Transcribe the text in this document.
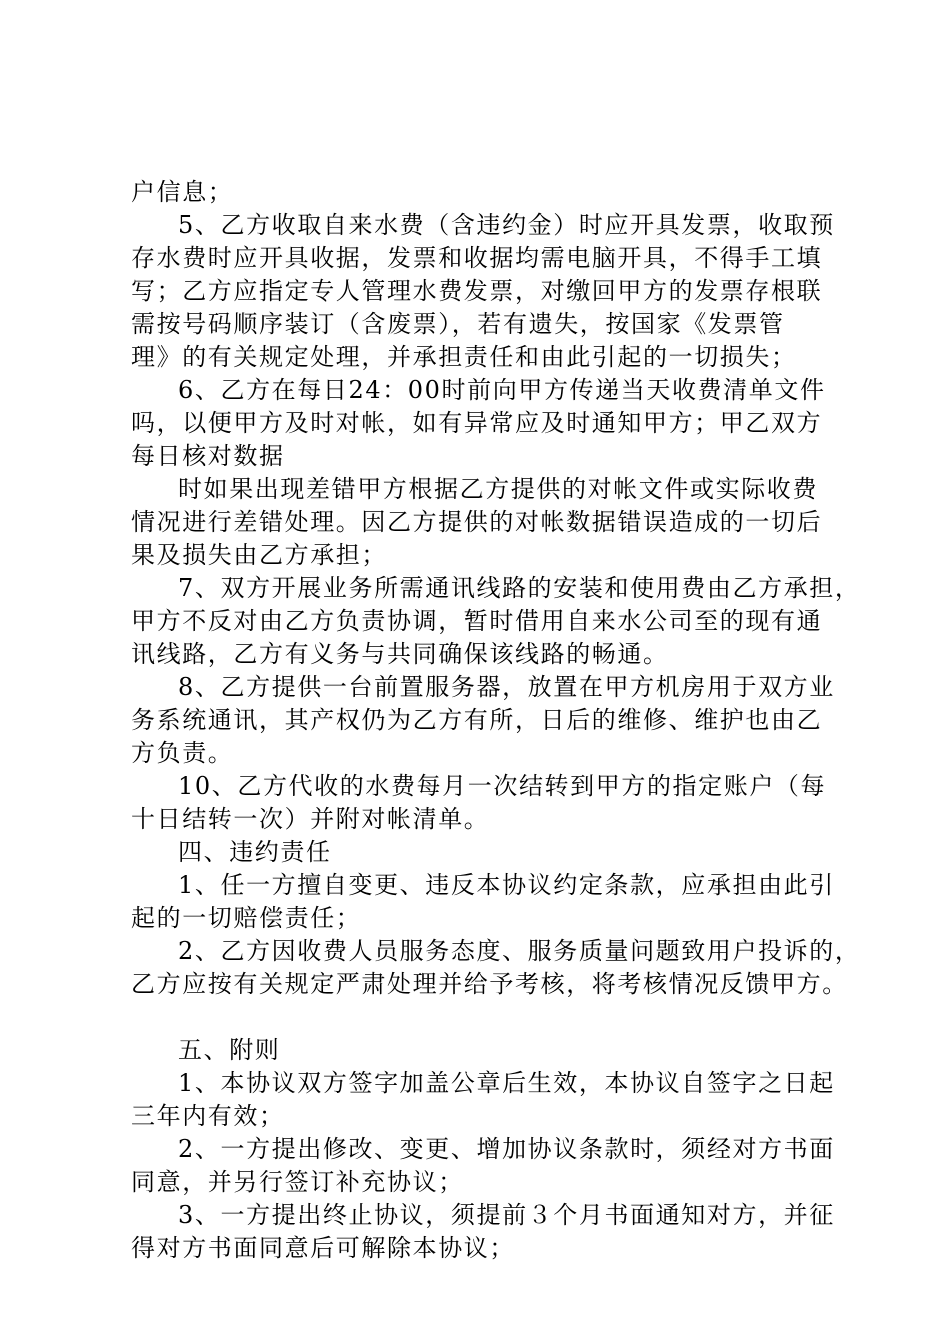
户信息；
5、乙方收取自来水费（含违约金）时应开具发票，收取预
存水费时应开具收据，发票和收据均需电脑开具，不得手工填
写；乙方应指定专人管理水费发票，对缴回甲方的发票存根联
需按号码顺序装订（含废票），若有遗失，按国家《发票管
理》的有关规定处理，并承担责任和由此引起的一切损失；
6、乙方在每日24：00时前向甲方传递当天收费清单文件
吗，以便甲方及时对帐，如有异常应及时通知甲方；甲乙双方
每日核对数据
时如果出现差错甲方根据乙方提供的对帐文件或实际收费
情况进行差错处理。因乙方提供的对帐数据错误造成的一切后
果及损失由乙方承担；
7、双方开展业务所需通讯线路的安装和使用费由乙方承担，
甲方不反对由乙方负责协调，暂时借用自来水公司至的现有通
讯线路，乙方有义务与共同确保该线路的畅通。
8、乙方提供一台前置服务器，放置在甲方机房用于双方业
务系统通讯，其产权仍为乙方有所，日后的维修、维护也由乙
方负责。
10、乙方代收的水费每月一次结转到甲方的指定账户（每
十日结转一次）并附对帐清单。
四、违约责任
1、任一方擅自变更、违反本协议约定条款，应承担由此引
起的一切赔偿责任；
2、乙方因收费人员服务态度、服务质量问题致用户投诉的，
乙方应按有关规定严肃处理并给予考核，将考核情况反馈甲方。
五、附则
1、本协议双方签字加盖公章后生效，本协议自签字之日起
三年内有效；
2、一方提出修改、变更、增加协议条款时，须经对方书面
同意，并另行签订补充协议；
3、一方提出终止协议，须提前３个月书面通知对方，并征
得对方书面同意后可解除本协议；
